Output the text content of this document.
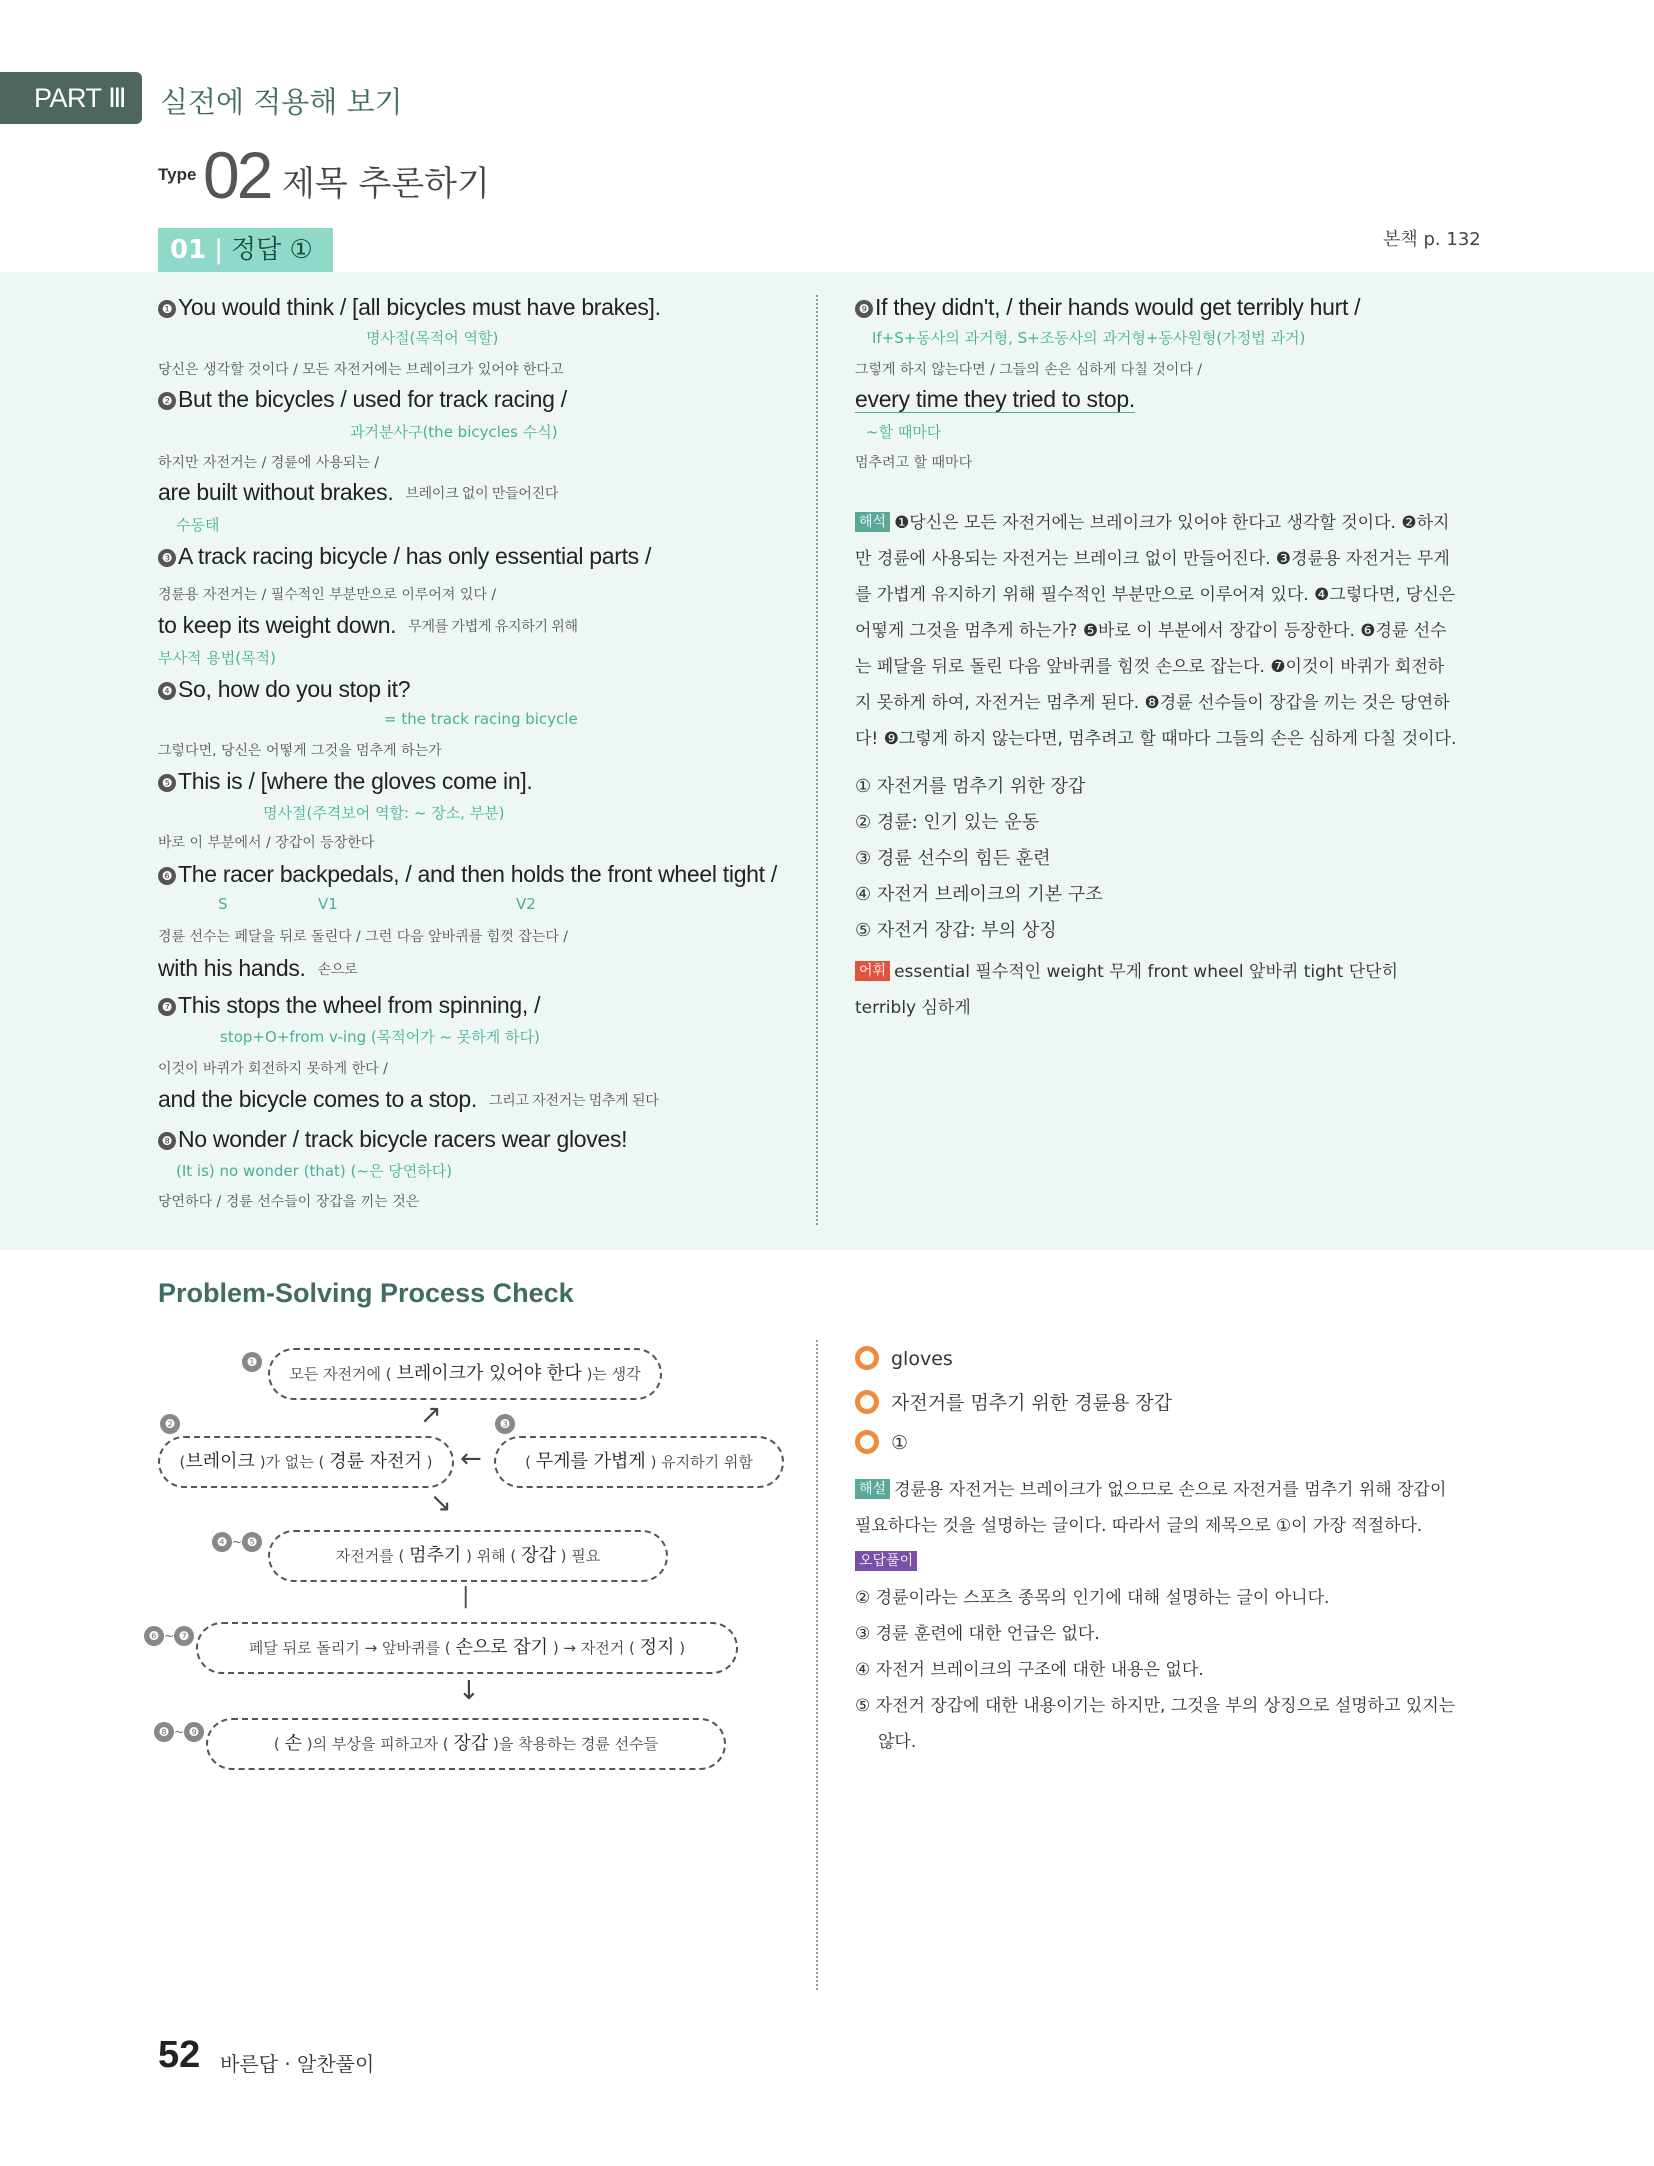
PART Ⅲ	실전에 적용해 보기
Type 02 제목 추론하기
01 | 정답 ①	본책 p. 132
❶ You would think / [all bicycles must have brakes].
명사절(목적어 역할)
당신은 생각할 것이다 / 모든 자전거에는 브레이크가 있어야 한다고
❷ But the bicycles / used for track racing /
과거분사구(the bicycles 수식)
하지만 자전거는 / 경륜에 사용되는 /
are built without brakes. 브레이크 없이 만들어진다
수동태
❸ A track racing bicycle / has only essential parts /
경륜용 자전거는 / 필수적인 부분만으로 이루어져 있다 /
to keep its weight down. 무게를 가볍게 유지하기 위해
부사적 용법(목적)
❹ So, how do you stop it?
= the track racing bicycle
그렇다면, 당신은 어떻게 그것을 멈추게 하는가
❺ This is / [where the gloves come in].
명사절(주격보어 역할: ~ 장소, 부분)
바로 이 부분에서 / 장갑이 등장한다
❻ The racer backpedals, / and then holds the front wheel tight /
S	V1	V2
경륜 선수는 페달을 뒤로 돌린다 / 그런 다음 앞바퀴를 힘껏 잡는다 /
with his hands. 손으로
❼ This stops the wheel from spinning, /
stop+O+from v-ing (목적어가 ~ 못하게 하다)
이것이 바퀴가 회전하지 못하게 한다 /
and the bicycle comes to a stop. 그리고 자전거는 멈추게 된다
❽ No wonder / track bicycle racers wear gloves!
(It is) no wonder (that) (~은 당연하다)
당연하다 / 경륜 선수들이 장갑을 끼는 것은
❾ If they didn't, / their hands would get terribly hurt /
If+S+동사의 과거형, S+조동사의 과거형+동사원형(가정법 과거)
그렇게 하지 않는다면 / 그들의 손은 심하게 다칠 것이다 /
every time they tried to stop.
~할 때마다
멈추려고 할 때마다
해석 ❶당신은 모든 자전거에는 브레이크가 있어야 한다고 생각할 것이다. ❷하지
만 경륜에 사용되는 자전거는 브레이크 없이 만들어진다. ❸경륜용 자전거는 무게
를 가볍게 유지하기 위해 필수적인 부분만으로 이루어져 있다. ❹그렇다면, 당신은
어떻게 그것을 멈추게 하는가? ❺바로 이 부분에서 장갑이 등장한다. ❻경륜 선수
는 페달을 뒤로 돌린 다음 앞바퀴를 힘껏 손으로 잡는다. ❼이것이 바퀴가 회전하
지 못하게 하여, 자전거는 멈추게 된다. ❽경륜 선수들이 장갑을 끼는 것은 당연하
다! ❾그렇게 하지 않는다면, 멈추려고 할 때마다 그들의 손은 심하게 다칠 것이다.
① 자전거를 멈추기 위한 장갑
② 경륜: 인기 있는 운동
③ 경륜 선수의 힘든 훈련
④ 자전거 브레이크의 기본 구조
⑤ 자전거 장갑: 부의 상징
어휘 essential 필수적인 weight 무게 front wheel 앞바퀴 tight 단단히
terribly 심하게
Problem-Solving Process Check
❶
모든 자전거에 ( 브레이크가 있어야 한다 )는 생각
↗
❷
(브레이크 )가 없는 ( 경륜 자전거 )	←
❸
( 무게를 가볍게 ) 유지하기 위함
↘
❹ ~ ❺
자전거를 ( 멈추기 ) 위해 ( 장갑 ) 필요
|
❻ ~ ❼
페달 뒤로 돌리기 → 앞바퀴를 ( 손으로 잡기 ) → 자전거 ( 정지 )
↓
❽ ~ ❾
( 손 )의 부상을 피하고자 ( 장갑 )을 착용하는 경륜 선수들
gloves
자전거를 멈추기 위한 경륜용 장갑
①
해설 경륜용 자전거는 브레이크가 없으므로 손으로 자전거를 멈추기 위해 장갑이
필요하다는 것을 설명하는 글이다. 따라서 글의 제목으로 ①이 가장 적절하다.
오답풀이
② 경륜이라는 스포츠 종목의 인기에 대해 설명하는 글이 아니다.
③ 경륜 훈련에 대한 언급은 없다.
④ 자전거 브레이크의 구조에 대한 내용은 없다.
⑤ 자전거 장갑에 대한 내용이기는 하지만, 그것을 부의 상징으로 설명하고 있지는
않다.
52 바른답 · 알찬풀이
